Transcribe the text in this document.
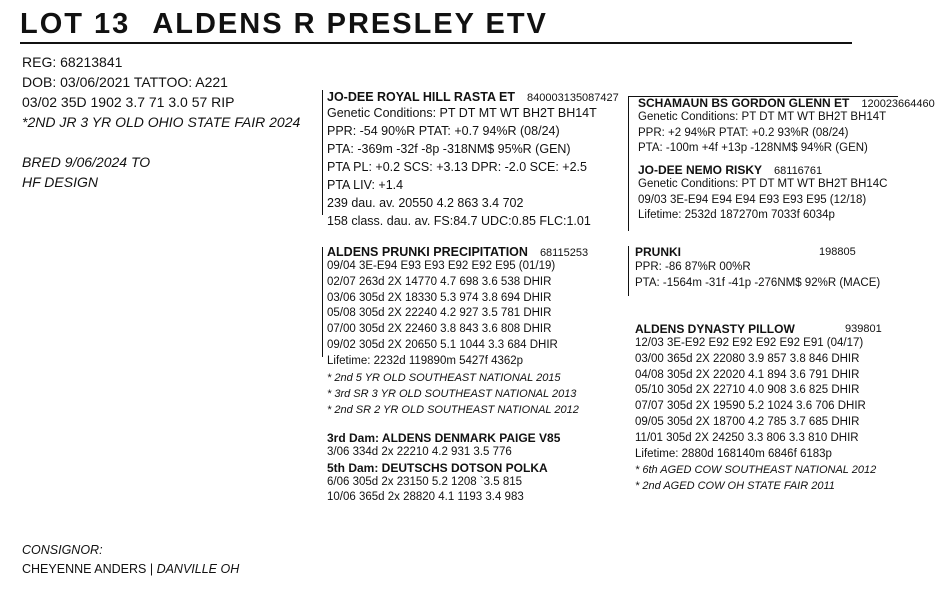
LOT 13 ALDENS R PRESLEY ETV
REG: 68213841
DOB: 03/06/2021 TATTOO: A221
03/02 35D 1902 3.7 71 3.0 57 RIP
*2ND JR 3 YR OLD OHIO STATE FAIR 2024
BRED 9/06/2024 TO
HF DESIGN
JO-DEE ROYAL HILL RASTA ET 840003135087427
Genetic Conditions: PT DT MT WT BH2T BH14T
PPR: -54 90%R PTAT: +0.7 94%R (08/24)
PTA: -369m -32f -8p -318NM$ 95%R (GEN)
PTA PL: +0.2 SCS: +3.13 DPR: -2.0 SCE: +2.5
PTA LIV: +1.4
239 dau. av. 20550 4.2 863 3.4 702
158 class. dau. av. FS:84.7 UDC:0.85 FLC:1.01
SCHAMAUN BS GORDON GLENN ET 120023664460
Genetic Conditions: PT DT MT WT BH2T BH14T
PPR: +2 94%R PTAT: +0.2 93%R (08/24)
PTA: -100m +4f +13p -128NM$ 94%R (GEN)
JO-DEE NEMO RISKY 68116761
Genetic Conditions: PT DT MT WT BH2T BH14C
09/03 3E-E94 E94 E94 E93 E93 E95 (12/18)
Lifetime: 2532d 187270m 7033f 6034p
ALDENS PRUNKI PRECIPITATION 68115253
09/04 3E-E94 E93 E93 E92 E92 E95 (01/19)
02/07 263d 2X 14770 4.7 698 3.6 538 DHIR
03/06 305d 2X 18330 5.3 974 3.8 694 DHIR
05/08 305d 2X 22240 4.2 927 3.5 781 DHIR
07/00 305d 2X 22460 3.8 843 3.6 808 DHIR
09/02 305d 2X 20650 5.1 1044 3.3 684 DHIR
Lifetime: 2232d 119890m 5427f 4362p
* 2nd 5 YR OLD SOUTHEAST NATIONAL 2015
* 3rd SR 3 YR OLD SOUTHEAST NATIONAL 2013
* 2nd SR 2 YR OLD SOUTHEAST NATIONAL 2012
PRUNKI
PPR: -86 87%R 00%R
PTA: -1564m -31f -41p -276NM$ 92%R (MACE)
198805
ALDENS DYNASTY PILLOW
12/03 3E-E92 E92 E92 E92 E92 E91 (04/17)
03/00 365d 2X 22080 3.9 857 3.8 846 DHIR
04/08 305d 2X 22020 4.1 894 3.6 791 DHIR
05/10 305d 2X 22710 4.0 908 3.6 825 DHIR
07/07 305d 2X 19590 5.2 1024 3.6 706 DHIR
09/05 305d 2X 18700 4.2 785 3.7 685 DHIR
11/01 305d 2X 24250 3.3 806 3.3 810 DHIR
Lifetime: 2880d 168140m 6846f 6183p
* 6th AGED COW SOUTHEAST NATIONAL 2012
* 2nd AGED COW OH STATE FAIR 2011
939801
3rd Dam: ALDENS DENMARK PAIGE V85
3/06 334d 2x 22210 4.2 931 3.5 776
5th Dam: DEUTSCHS DOTSON POLKA
6/06 305d 2x 23150 5.2 1208 `3.5 815
10/06 365d 2x 28820 4.1 1193 3.4 983
CONSIGNOR:
CHEYENNE ANDERS | DANVILLE OH
